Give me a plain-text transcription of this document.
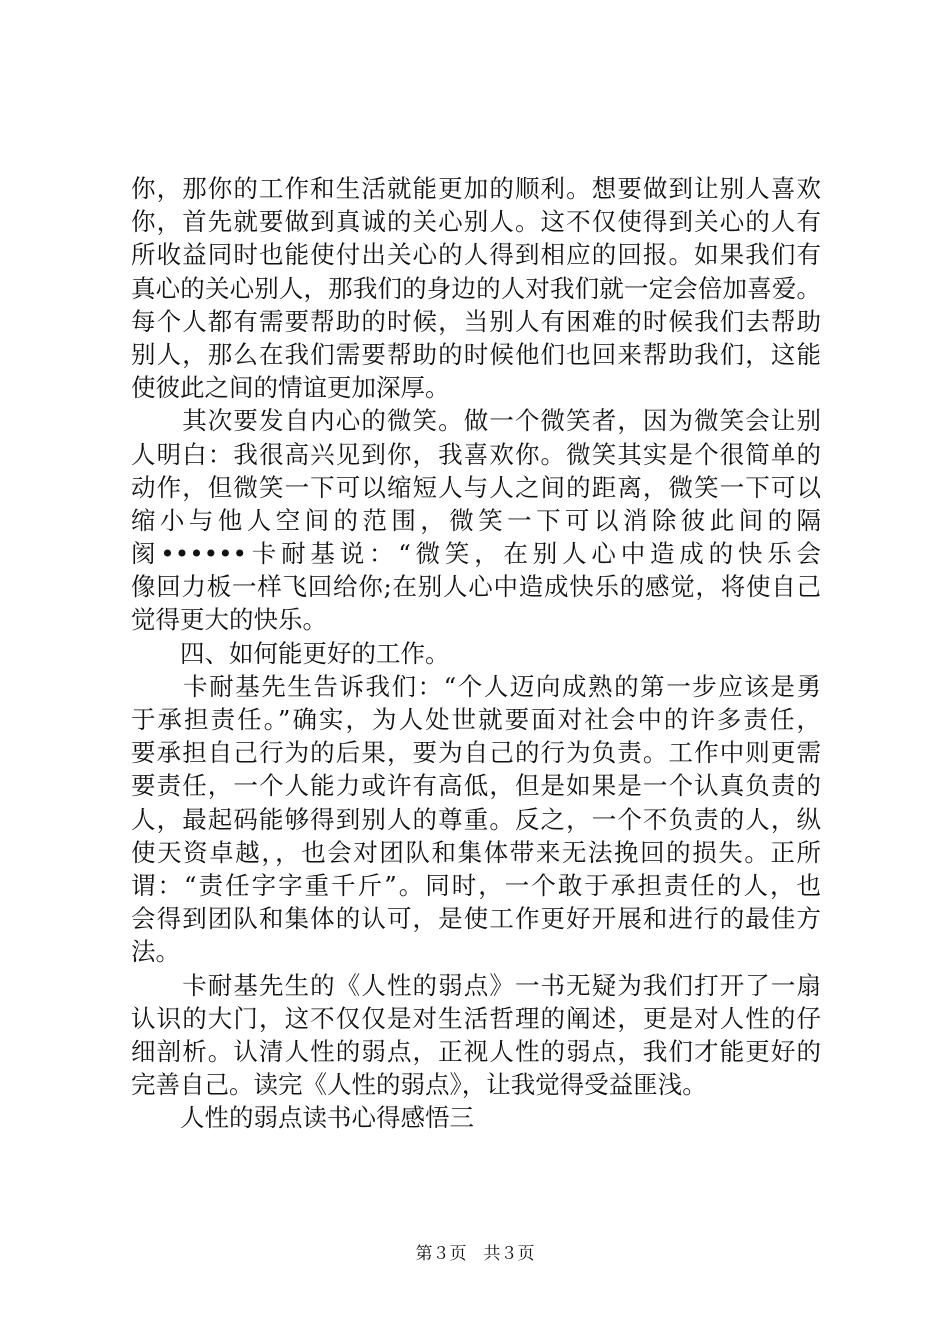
你，那你的工作和生活就能更加的顺利。想要做到让别人喜欢
你，首先就要做到真诚的关心别人。这不仅使得到关心的人有
所收益同时也能使付出关心的人得到相应的回报。如果我们有
真心的关心别人，那我们的身边的人对我们就一定会倍加喜爱。
每个人都有需要帮助的时候，当别人有困难的时候我们去帮助
别人，那么在我们需要帮助的时候他们也回来帮助我们，这能
使彼此之间的情谊更加深厚。
　　其次要发自内心的微笑。做一个微笑者，因为微笑会让别
人明白：我很高兴见到你，我喜欢你。微笑其实是个很简单的
动作，但微笑一下可以缩短人与人之间的距离，微笑一下可以
缩小与他人空间的范围，微笑一下可以消除彼此间的隔
阂••••••卡耐基说：“微笑，在别人心中造成的快乐会
像回力板一样飞回给你;在别人心中造成快乐的感觉，将使自己
觉得更大的快乐。
　　四、如何能更好的工作。
　　卡耐基先生告诉我们：“个人迈向成熟的第一步应该是勇
于承担责任。”确实，为人处世就要面对社会中的许多责任，
要承担自己行为的后果，要为自己的行为负责。工作中则更需
要责任，一个人能力或许有高低，但是如果是一个认真负责的
人，最起码能够得到别人的尊重。反之，一个不负责的人，纵
使天资卓越，，也会对团队和集体带来无法挽回的损失。正所
谓：“责任字字重千斤”。同时，一个敢于承担责任的人，也
会得到团队和集体的认可，是使工作更好开展和进行的最佳方
法。
　　卡耐基先生的《人性的弱点》一书无疑为我们打开了一扇
认识的大门，这不仅仅是对生活哲理的阐述，更是对人性的仔
细剖析。认清人性的弱点，正视人性的弱点，我们才能更好的
完善自己。读完《人性的弱点》，让我觉得受益匪浅。
　　人性的弱点读书心得感悟三
第３页　共３页
